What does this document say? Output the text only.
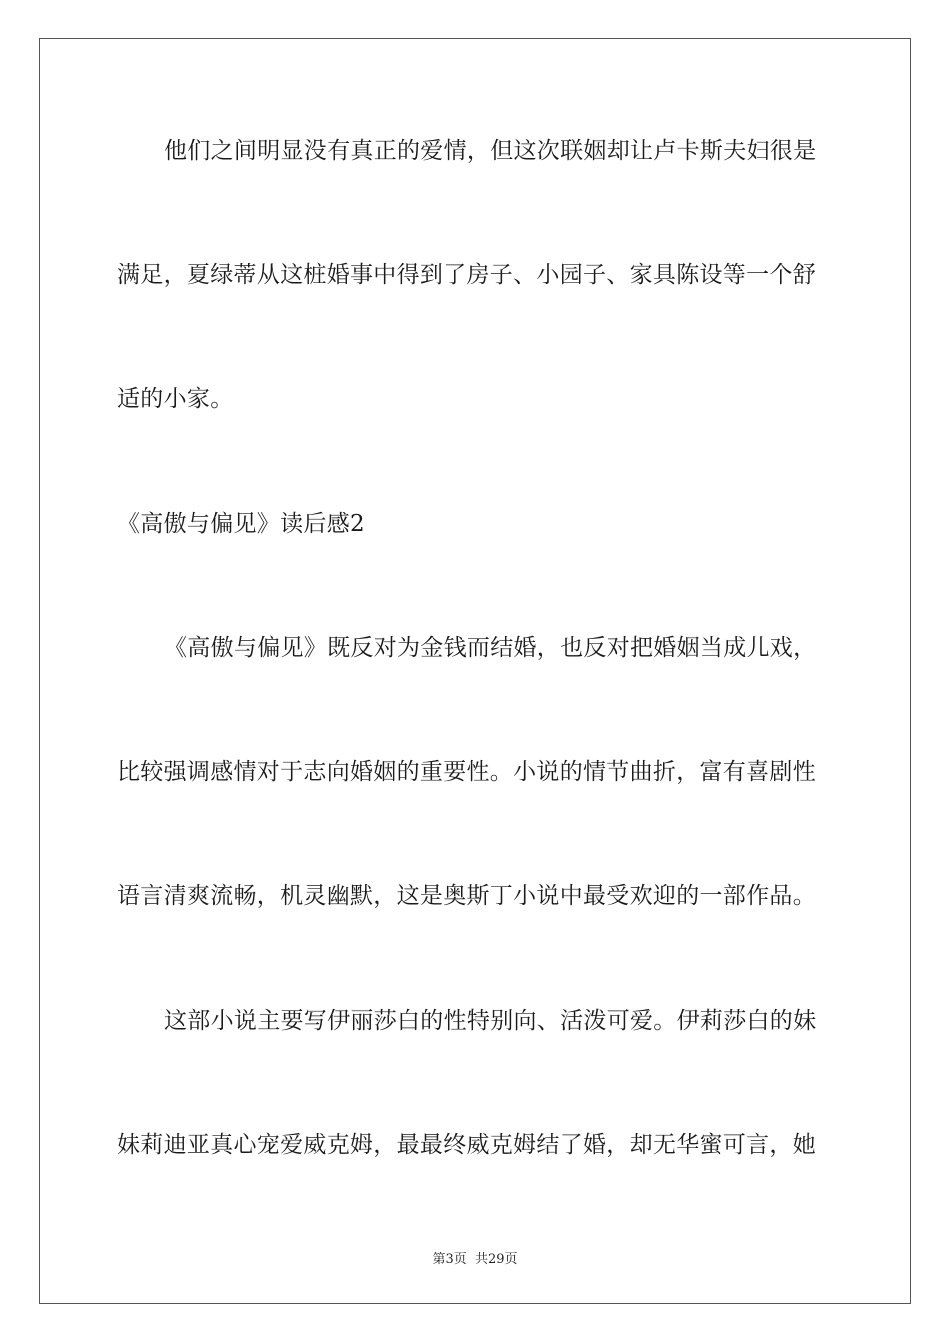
他们之间明显没有真正的爱情，但这次联姻却让卢卡斯夫妇很是
满足，夏绿蒂从这桩婚事中得到了房子、小园子、家具陈设等一个舒
适的小家。
《高傲与偏见》读后感2
《高傲与偏见》既反对为金钱而结婚，也反对把婚姻当成儿戏，
比较强调感情对于志向婚姻的重要性。小说的情节曲折，富有喜剧性
语言清爽流畅，机灵幽默，这是奥斯丁小说中最受欢迎的一部作品。
这部小说主要写伊丽莎白的性特别向、活泼可爱。伊莉莎白的妹
妹莉迪亚真心宠爱威克姆，最最终威克姆结了婚，却无华蜜可言，她
第3页 共29页
